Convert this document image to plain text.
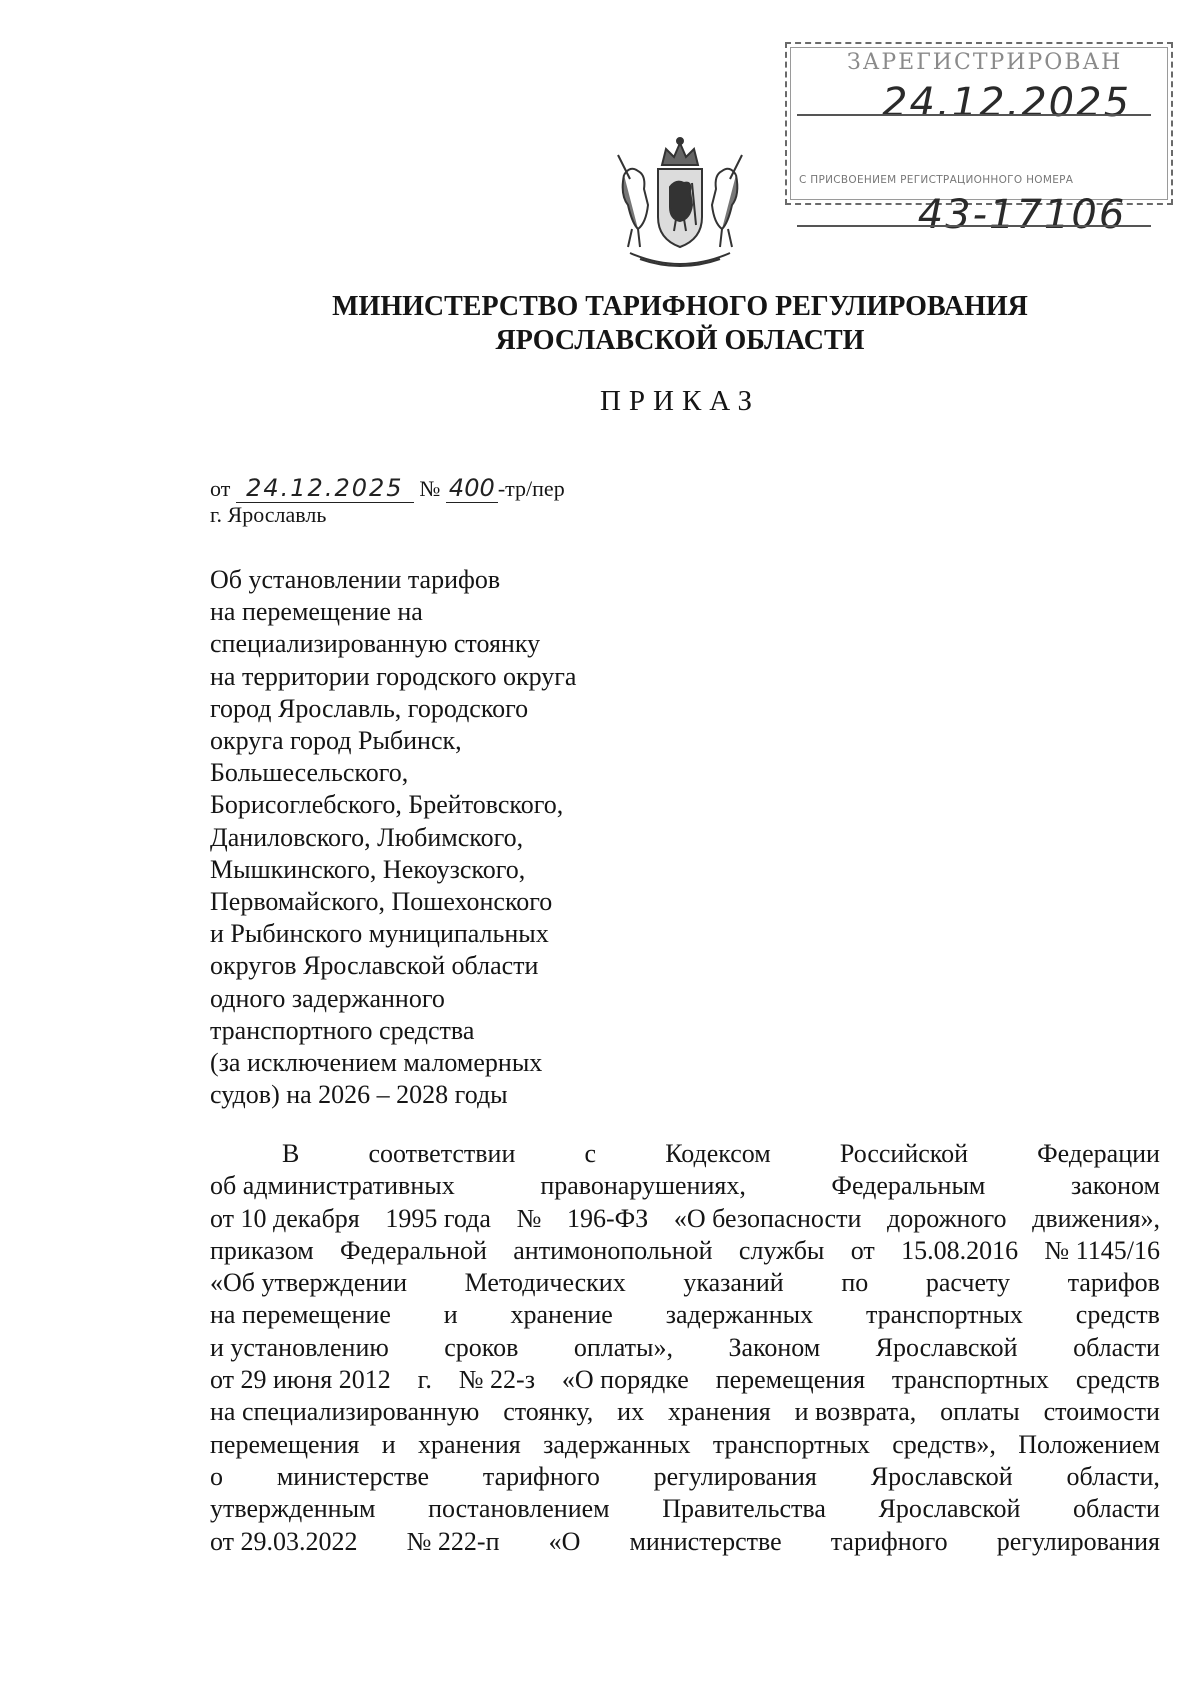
ЗАРЕГИСТРИРОВАН
24.12.2025
С ПРИСВОЕНИЕМ РЕГИСТРАЦИОННОГО НОМЕРА
43-17106
МИНИСТЕРСТВО ТАРИФНОГО РЕГУЛИРОВАНИЯ
ЯРОСЛАВСКОЙ ОБЛАСТИ
ПРИКАЗ
от 24.12.2025 № 400 -тр/пер
г. Ярославль
Об установлении тарифов
на перемещение на
специализированную стоянку
на территории городского округа
город Ярославль, городского
округа город Рыбинск,
Большесельского,
Борисоглебского, Брейтовского,
Даниловского, Любимского,
Мышкинского, Некоузского,
Первомайского, Пошехонского
и Рыбинского муниципальных
округов Ярославской области
одного задержанного
транспортного средства
(за исключением маломерных
судов) на 2026 – 2028 годы
В	соответствии	с	Кодексом	Российской	Федерации
об административных	правонарушениях,	Федеральным	законом
от 10 декабря 1995 года № 196-ФЗ «О безопасности дорожного движения»,
приказом Федеральной антимонопольной службы от 15.08.2016 № 1145/16
«Об утверждении Методических указаний по расчету тарифов
на перемещение и хранение задержанных транспортных средств
и установлению сроков оплаты», Законом Ярославской области
от 29 июня 2012 г. № 22-з «О порядке перемещения транспортных средств
на специализированную стоянку, их хранения и возврата, оплаты стоимости
перемещения и хранения задержанных транспортных средств», Положением
о министерстве тарифного регулирования Ярославской области,
утвержденным постановлением Правительства Ярославской области
от 29.03.2022 № 222-п «О министерстве тарифного регулирования
